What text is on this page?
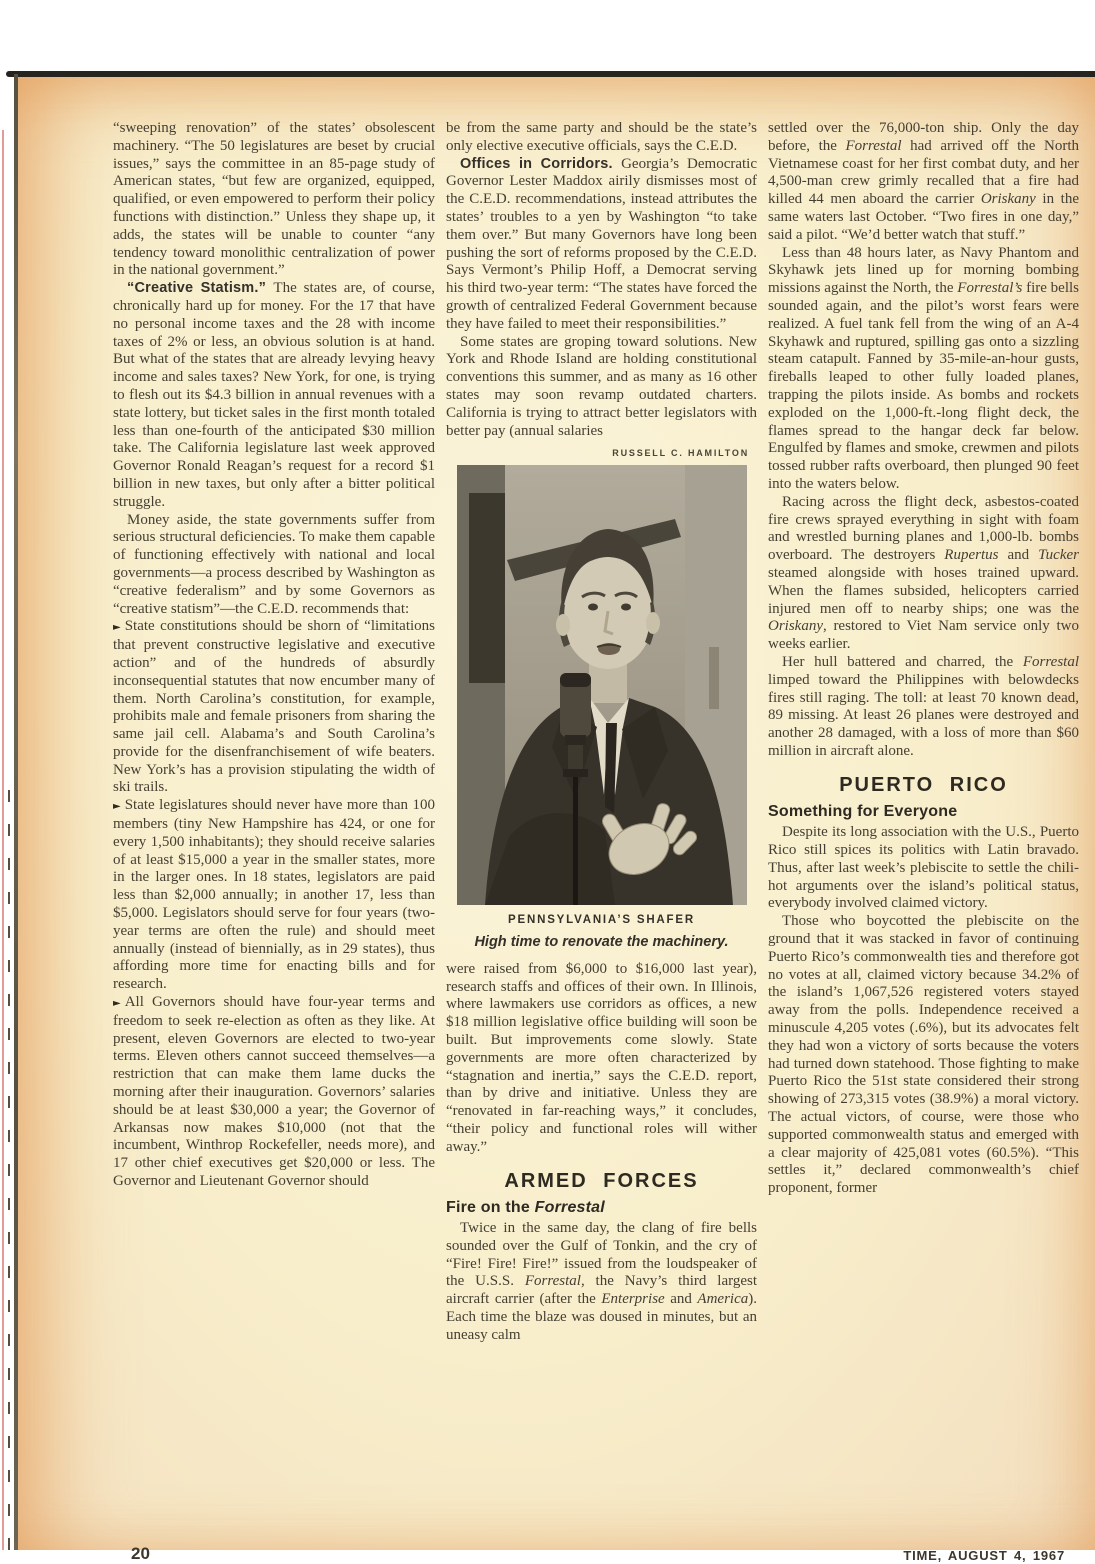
“sweeping renovation” of the states’ obsolescent machinery. “The 50 legislatures are beset by crucial issues,” says the committee in an 85-page study of American states, “but few are organized, equipped, qualified, or even empowered to perform their policy functions with distinction.” Unless they shape up, it adds, the states will be unable to counter “any tendency toward monolithic centralization of power in the national government.”

“Creative Statism.” The states are, of course, chronically hard up for money. For the 17 that have no personal income taxes and the 28 with income taxes of 2% or less, an obvious solution is at hand. But what of the states that are already levying heavy income and sales taxes? New York, for one, is trying to flesh out its $4.3 billion in annual revenues with a state lottery, but ticket sales in the first month totaled less than one-fourth of the anticipated $30 million take. The California legislature last week approved Governor Ronald Reagan’s request for a record $1 billion in new taxes, but only after a bitter political struggle.

Money aside, the state governments suffer from serious structural deficiencies. To make them capable of functioning effectively with national and local governments—a process described by Washington as “creative federalism” and by some Governors as “creative statism”—the C.E.D. recommends that:

► State constitutions should be shorn of “limitations that prevent constructive legislative and executive action” and of the hundreds of absurdly inconsequential statutes that now encumber many of them. North Carolina’s constitution, for example, prohibits male and female prisoners from sharing the same jail cell. Alabama’s and South Carolina’s provide for the disenfranchisement of wife beaters. New York’s has a provision stipulating the width of ski trails.

► State legislatures should never have more than 100 members (tiny New Hampshire has 424, or one for every 1,500 inhabitants); they should receive salaries of at least $15,000 a year in the smaller states, more in the larger ones. In 18 states, legislators are paid less than $2,000 annually; in another 17, less than $5,000. Legislators should serve for four years (two-year terms are often the rule) and should meet annually (instead of biennially, as in 29 states), thus affording more time for enacting bills and for research.

► All Governors should have four-year terms and freedom to seek re-election as often as they like. At present, eleven Governors are elected to two-year terms. Eleven others cannot succeed themselves—a restriction that can make them lame ducks the morning after their inauguration. Governors’ salaries should be at least $30,000 a year; the Governor of Arkansas now makes $10,000 (not that the incumbent, Winthrop Rockefeller, needs more), and 17 other chief executives get $20,000 or less. The Governor and Lieutenant Governor should

be from the same party and should be the state’s only elective executive officials, says the C.E.D.

Offices in Corridors. Georgia’s Democratic Governor Lester Maddox airily dismisses most of the C.E.D. recommendations, instead attributes the states’ troubles to a yen by Washington “to take them over.” But many Governors have long been pushing the sort of reforms proposed by the C.E.D. Says Vermont’s Philip Hoff, a Democrat serving his third two-year term: “The states have forced the growth of centralized Federal Government because they have failed to meet their responsibilities.”

Some states are groping toward solutions. New York and Rhode Island are holding constitutional conventions this summer, and as many as 16 other states may soon revamp outdated charters. California is trying to attract better legislators with better pay (annual salaries

RUSSELL C. HAMILTON
PENNSYLVANIA’S SHAFER
High time to renovate the machinery.

were raised from $6,000 to $16,000 last year), research staffs and offices of their own. In Illinois, where lawmakers use corridors as offices, a new $18 million legislative office building will soon be built. But improvements come slowly. State governments are more often characterized by “stagnation and inertia,” says the C.E.D. report, than by drive and initiative. Unless they are “renovated in far-reaching ways,” it concludes, “their policy and functional roles will wither away.”

ARMED FORCES
Fire on the Forrestal

Twice in the same day, the clang of fire bells sounded over the Gulf of Tonkin, and the cry of “Fire! Fire! Fire!” issued from the loudspeaker of the U.S.S. Forrestal, the Navy’s third largest aircraft carrier (after the Enterprise and America). Each time the blaze was doused in minutes, but an uneasy calm

settled over the 76,000-ton ship. Only the day before, the Forrestal had arrived off the North Vietnamese coast for her first combat duty, and her 4,500-man crew grimly recalled that a fire had killed 44 men aboard the carrier Oriskany in the same waters last October. “Two fires in one day,” said a pilot. “We’d better watch that stuff.”

Less than 48 hours later, as Navy Phantom and Skyhawk jets lined up for morning bombing missions against the North, the Forrestal’s fire bells sounded again, and the pilot’s worst fears were realized. A fuel tank fell from the wing of an A-4 Skyhawk and ruptured, spilling gas onto a sizzling steam catapult. Fanned by 35-mile-an-hour gusts, fireballs leaped to other fully loaded planes, trapping the pilots inside. As bombs and rockets exploded on the 1,000-ft.-long flight deck, the flames spread to the hangar deck far below. Engulfed by flames and smoke, crewmen and pilots tossed rubber rafts overboard, then plunged 90 feet into the waters below.

Racing across the flight deck, asbestos-coated fire crews sprayed everything in sight with foam and wrestled burning planes and 1,000-lb. bombs overboard. The destroyers Rupertus and Tucker steamed alongside with hoses trained upward. When the flames subsided, helicopters carried injured men off to nearby ships; one was the Oriskany, restored to Viet Nam service only two weeks earlier.

Her hull battered and charred, the Forrestal limped toward the Philippines with belowdecks fires still raging. The toll: at least 70 known dead, 89 missing. At least 26 planes were destroyed and another 28 damaged, with a loss of more than $60 million in aircraft alone.

PUERTO RICO
Something for Everyone

Despite its long association with the U.S., Puerto Rico still spices its politics with Latin bravado. Thus, after last week’s plebiscite to settle the chili-hot arguments over the island’s political status, everybody involved claimed victory.

Those who boycotted the plebiscite on the ground that it was stacked in favor of continuing Puerto Rico’s commonwealth ties and therefore got no votes at all, claimed victory because 34.2% of the island’s 1,067,526 registered voters stayed away from the polls. Independence received a minuscule 4,205 votes (.6%), but its advocates felt they had won a victory of sorts because the voters had turned down statehood. Those fighting to make Puerto Rico the 51st state considered their strong showing of 273,315 votes (38.9%) a moral victory. The actual victors, of course, were those who supported commonwealth status and emerged with a clear majority of 425,081 votes (60.5%). “This settles it,” declared commonwealth’s chief proponent, former

20	TIME, AUGUST 4, 1967
